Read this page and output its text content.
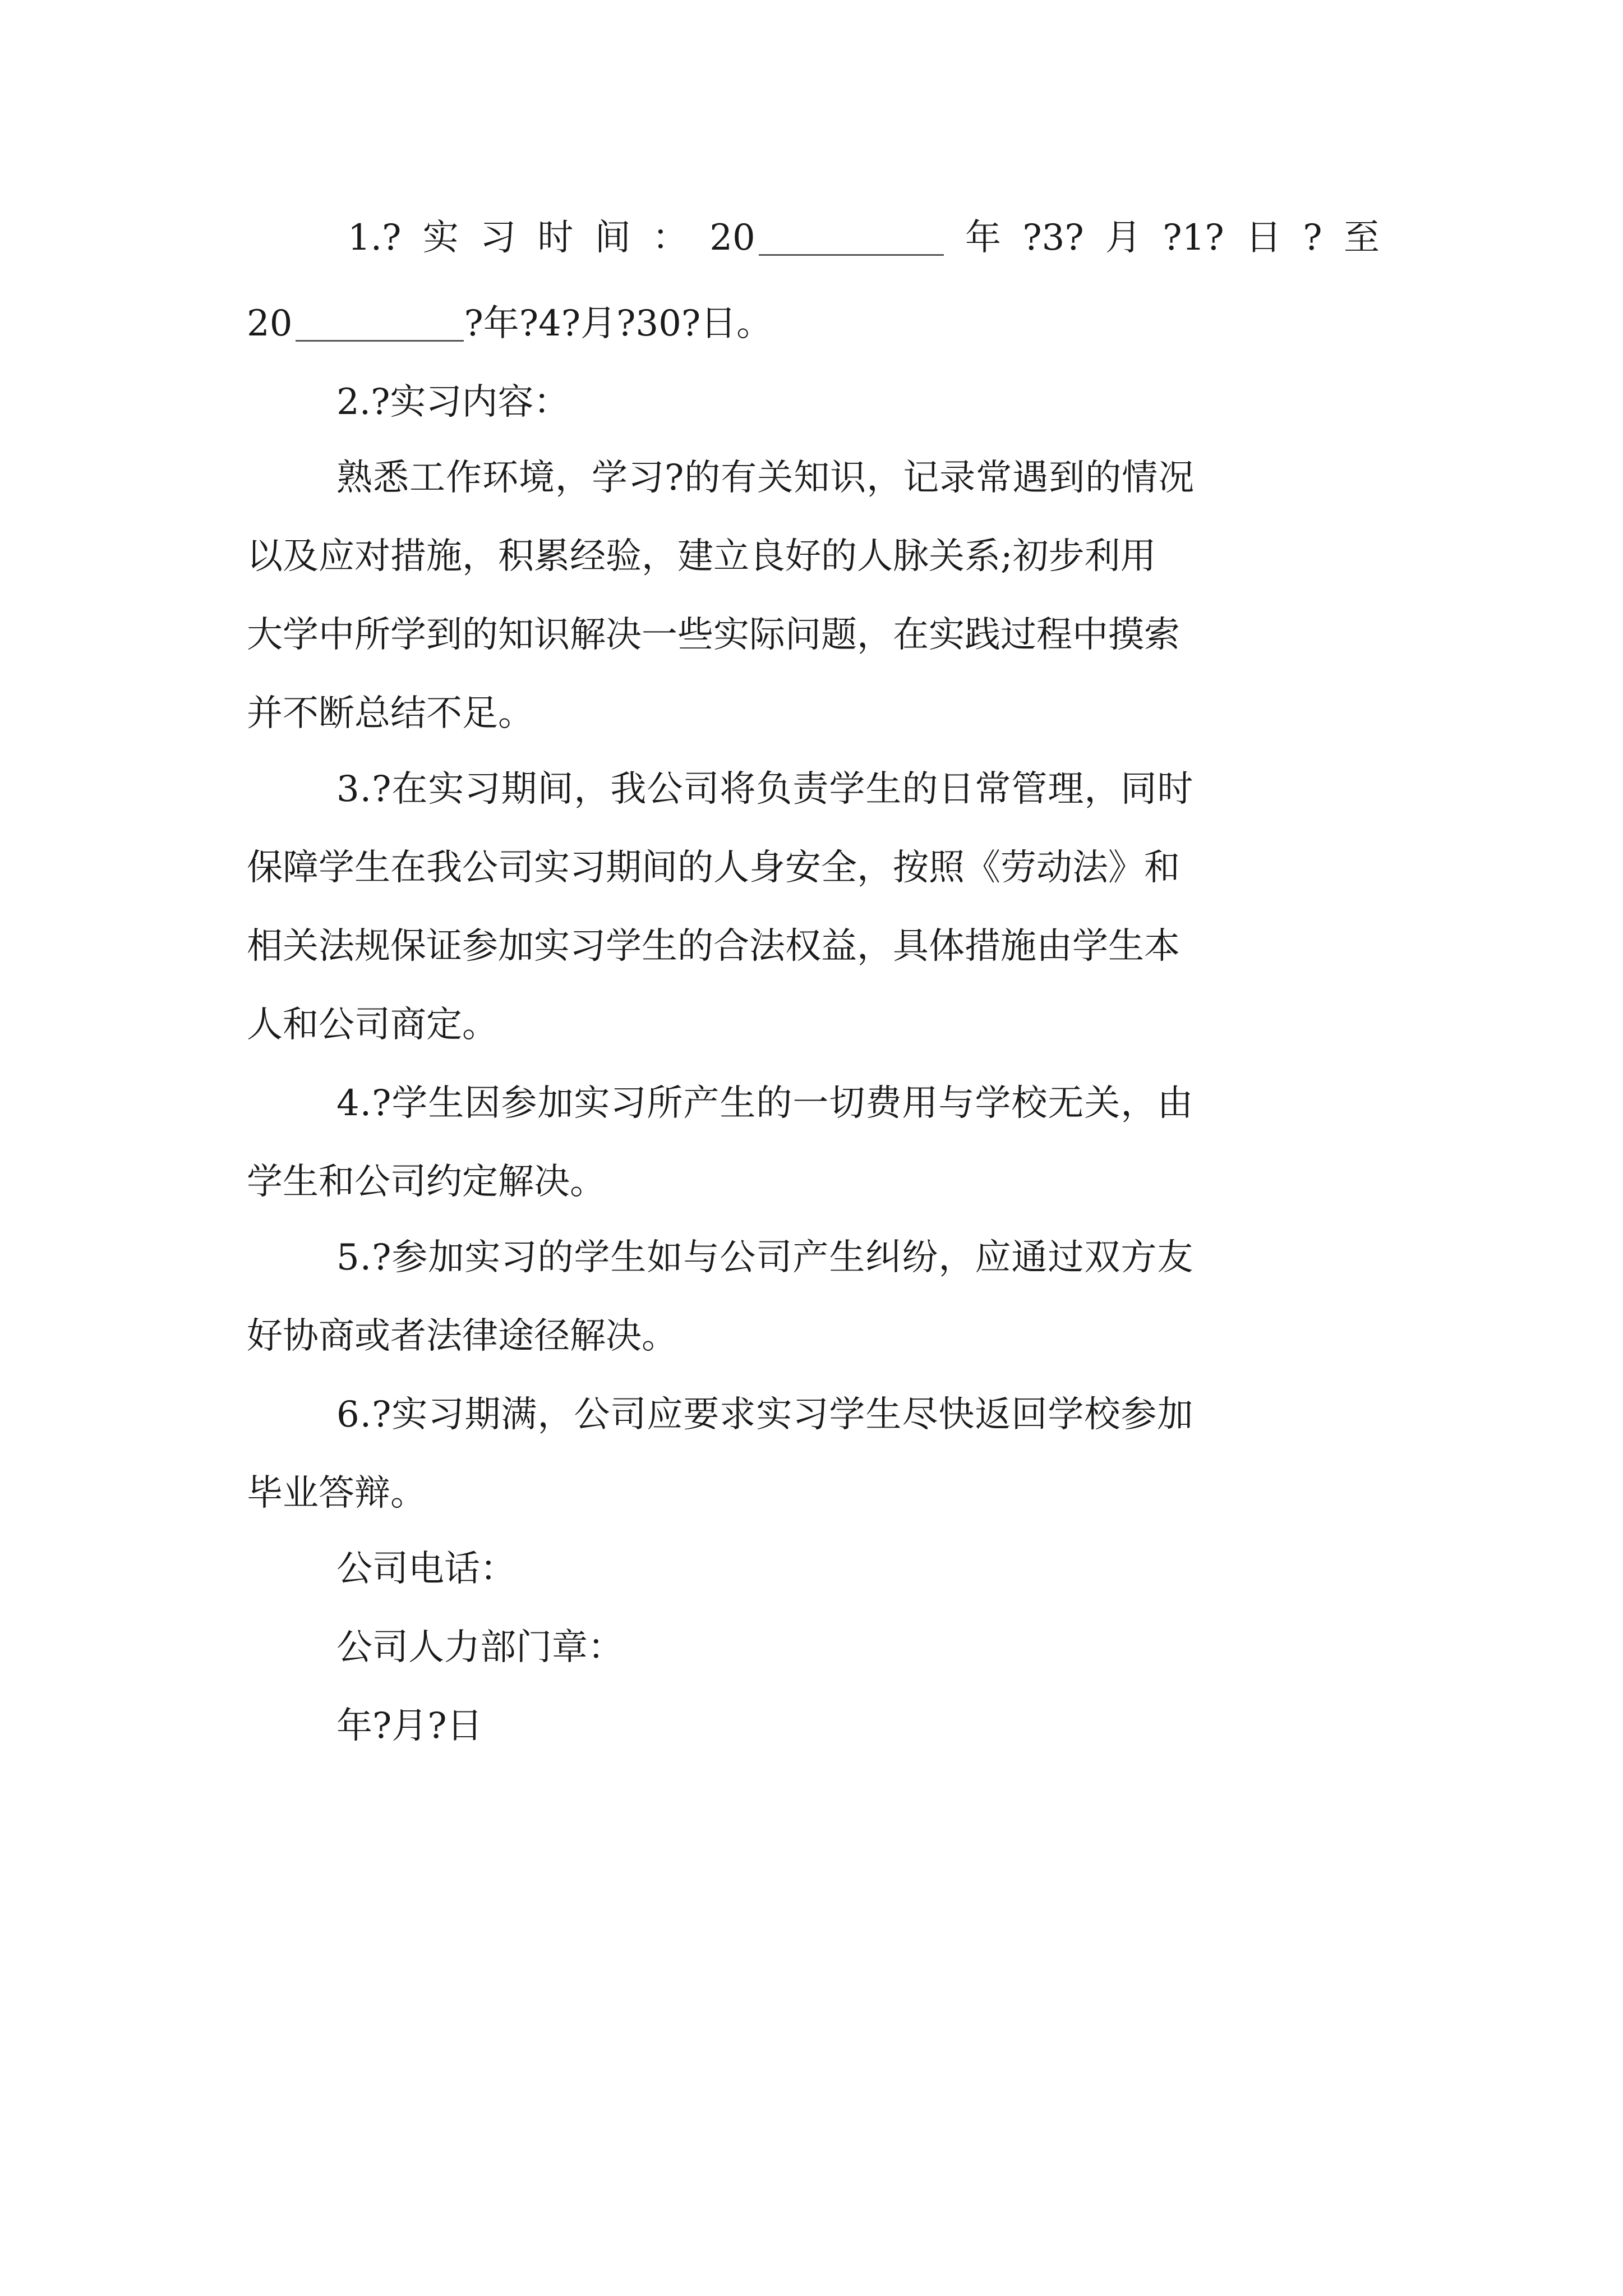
1.? 实 习 时 间 ： 20	年 ?3? 月 ?1? 日 ? 至
20	?年?4?月?30?日。
2.?实习内容：
熟悉工作环境，学习?的有关知识，记录常遇到的情况
以及应对措施，积累经验，建立良好的人脉关系;初步利用
大学中所学到的知识解决一些实际问题，在实践过程中摸索
并不断总结不足。
3.?在实习期间，我公司将负责学生的日常管理，同时
保障学生在我公司实习期间的人身安全，按照《劳动法》和
相关法规保证参加实习学生的合法权益，具体措施由学生本
人和公司商定。
4.?学生因参加实习所产生的一切费用与学校无关，由
学生和公司约定解决。
5.?参加实习的学生如与公司产生纠纷，应通过双方友
好协商或者法律途径解决。
6.?实习期满，公司应要求实习学生尽快返回学校参加
毕业答辩。
公司电话：
公司人力部门章：
年?月?日
